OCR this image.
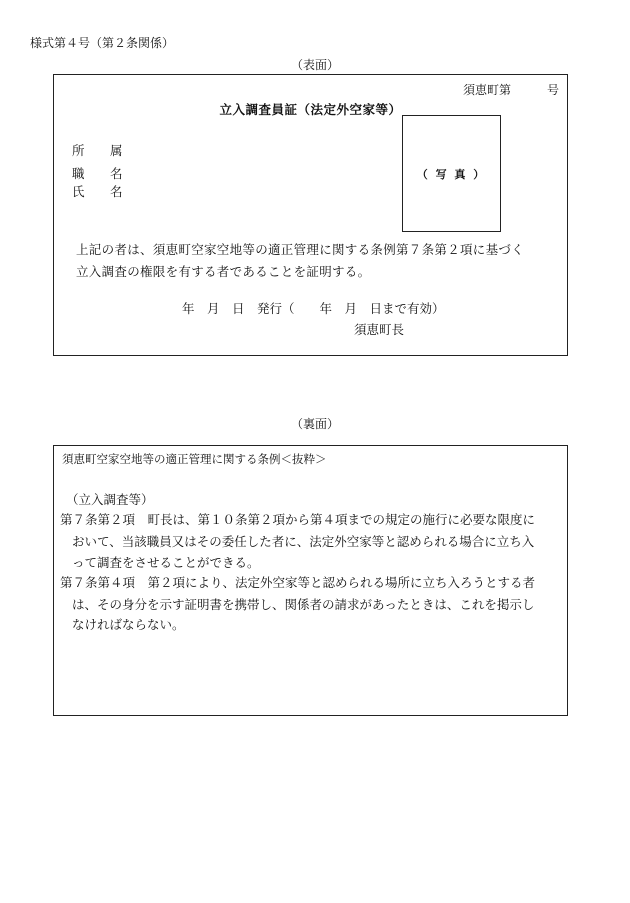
様式第４号（第２条関係）
（表面）
須恵町第	号
立入調査員証（法定外空家等）
所 属
職 名
氏 名
（ 写 真 ）
上記の者は、須恵町空家空地等の適正管理に関する条例第７条第２項に基づく
立入調査の権限を有する者であることを証明する。
年　月　日　発行（　　年　月　日まで有効）
須恵町長
（裏面）
須恵町空家空地等の適正管理に関する条例＜抜粋＞
（立入調査等）
第７条第２項　町長は、第１０条第２項から第４項までの規定の施行に必要な限度に
おいて、当該職員又はその委任した者に、法定外空家等と認められる場合に立ち入
って調査をさせることができる。
第７条第４項　第２項により、法定外空家等と認められる場所に立ち入ろうとする者
は、その身分を示す証明書を携帯し、関係者の請求があったときは、これを掲示し
なければならない。
